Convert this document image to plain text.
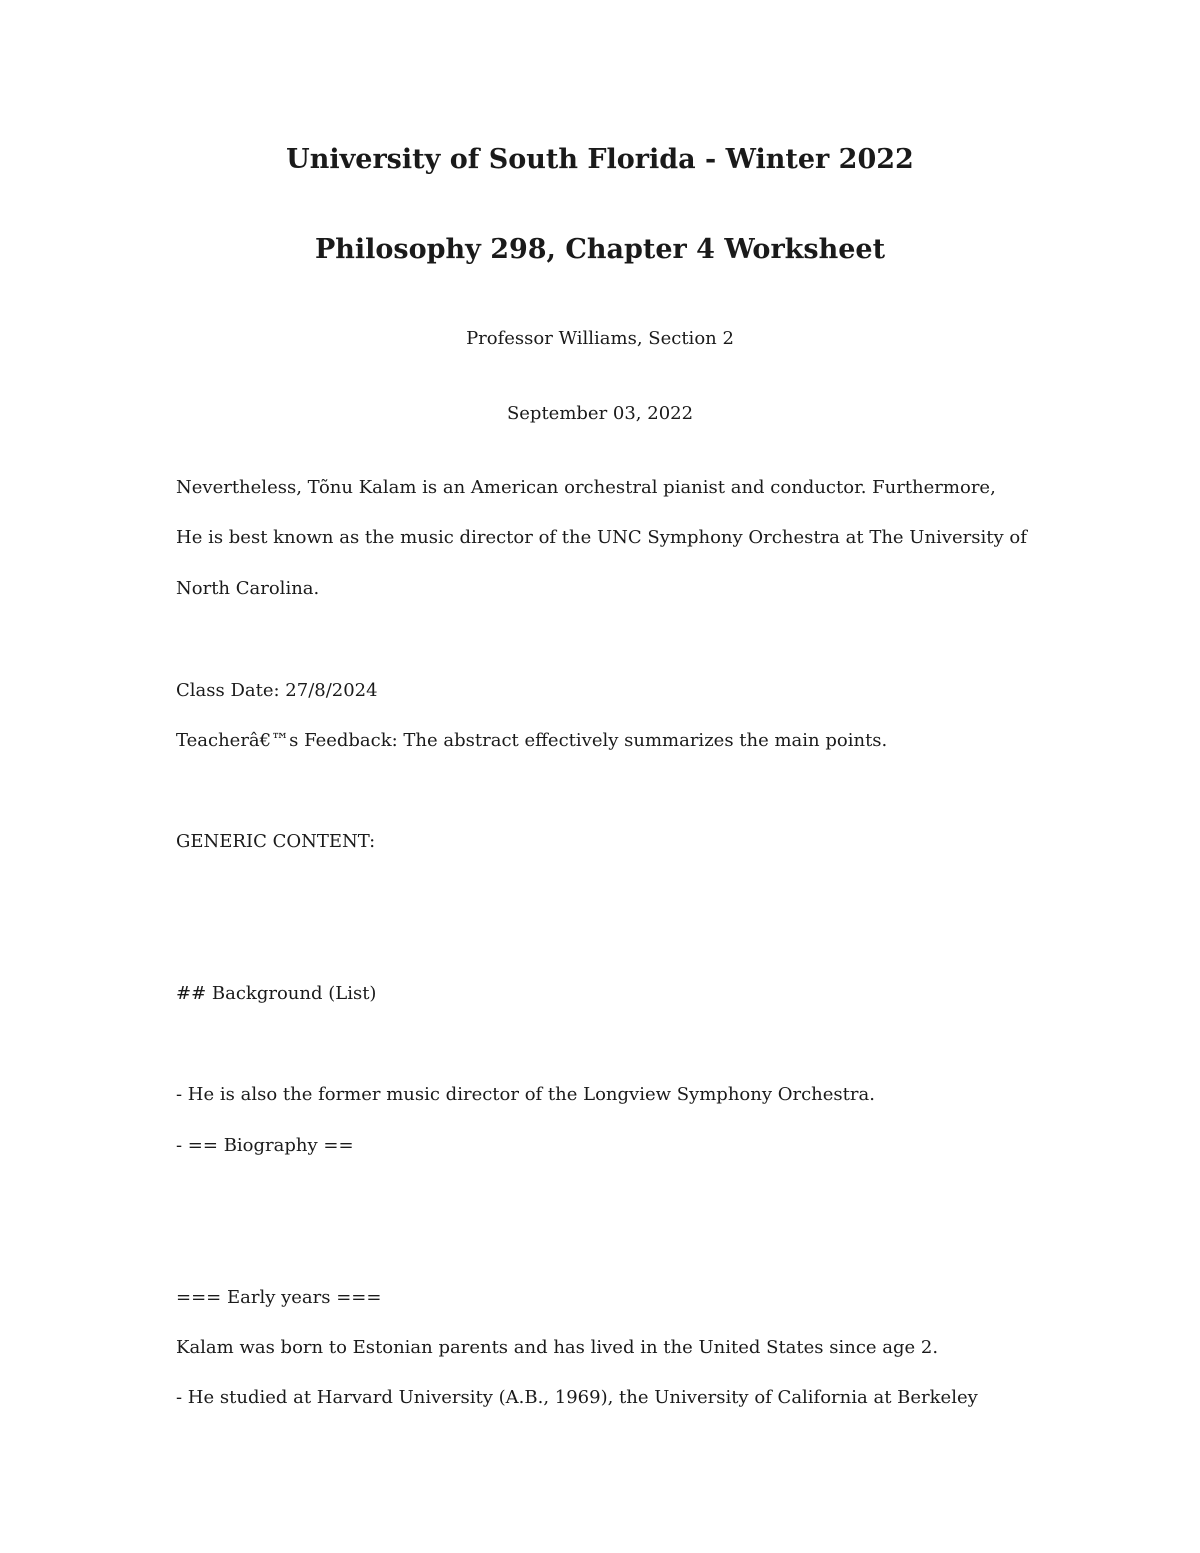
University of South Florida - Winter 2022
Philosophy 298, Chapter 4 Worksheet
Professor Williams, Section 2
September 03, 2022
Nevertheless, Tõnu Kalam is an American orchestral pianist and conductor. Furthermore,
He is best known as the music director of the UNC Symphony Orchestra at The University of
North Carolina.
Class Date: 27/8/2024
Teacherâ€™s Feedback: The abstract effectively summarizes the main points.
GENERIC CONTENT:
## Background (List)
- He is also the former music director of the Longview Symphony Orchestra.
- == Biography ==
=== Early years ===
Kalam was born to Estonian parents and has lived in the United States since age 2.
- He studied at Harvard University (A.B., 1969), the University of California at Berkeley
